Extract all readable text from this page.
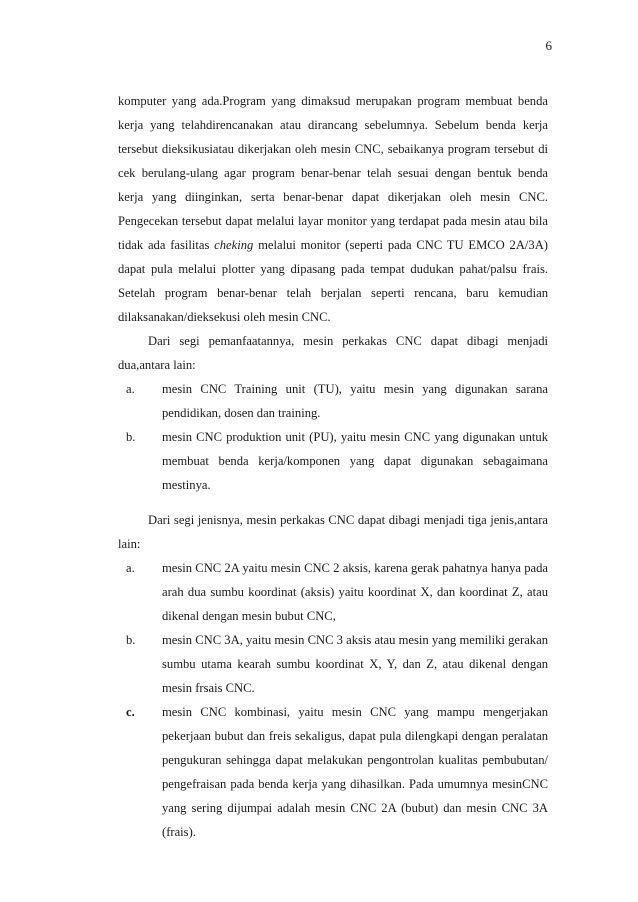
6

komputer yang ada.Program yang dimaksud merupakan program membuat benda kerja yang telahdirencanakan atau dirancang sebelumnya. Sebelum benda kerja tersebut dieksikusiatau dikerjakan oleh mesin CNC, sebaikanya program tersebut di cek berulang-ulang agar program benar-benar telah sesuai dengan bentuk benda kerja yang diinginkan, serta benar-benar dapat dikerjakan oleh mesin CNC. Pengecekan tersebut dapat melalui layar monitor yang terdapat pada mesin atau bila tidak ada fasilitas cheking melalui monitor (seperti pada CNC TU EMCO 2A/3A) dapat pula melalui plotter yang dipasang pada tempat dudukan pahat/palsu frais. Setelah program benar-benar telah berjalan seperti rencana, baru kemudian dilaksanakan/dieksekusi oleh mesin CNC.

Dari segi pemanfaatannya, mesin perkakas CNC dapat dibagi menjadi dua,antara lain:

a. mesin CNC Training unit (TU), yaitu mesin yang digunakan sarana pendidikan, dosen dan training.
b. mesin CNC produktion unit (PU), yaitu mesin CNC yang digunakan untuk membuat benda kerja/komponen yang dapat digunakan sebagaimana mestinya.

Dari segi jenisnya, mesin perkakas CNC dapat dibagi menjadi tiga jenis,antara lain:

a. mesin CNC 2A yaitu mesin CNC 2 aksis, karena gerak pahatnya hanya pada arah dua sumbu koordinat (aksis) yaitu koordinat X, dan koordinat Z, atau dikenal dengan mesin bubut CNC,
b. mesin CNC 3A, yaitu mesin CNC 3 aksis atau mesin yang memiliki gerakan sumbu utama kearah sumbu koordinat X, Y, dan Z, atau dikenal dengan mesin frsais CNC.
c. mesin CNC kombinasi, yaitu mesin CNC yang mampu mengerjakan pekerjaan bubut dan freis sekaligus, dapat pula dilengkapi dengan peralatan pengukuran sehingga dapat melakukan pengontrolan kualitas pembubutan/ pengefraisan pada benda kerja yang dihasilkan. Pada umumnya mesinCNC yang sering dijumpai adalah mesin CNC 2A (bubut) dan mesin CNC 3A (frais).
